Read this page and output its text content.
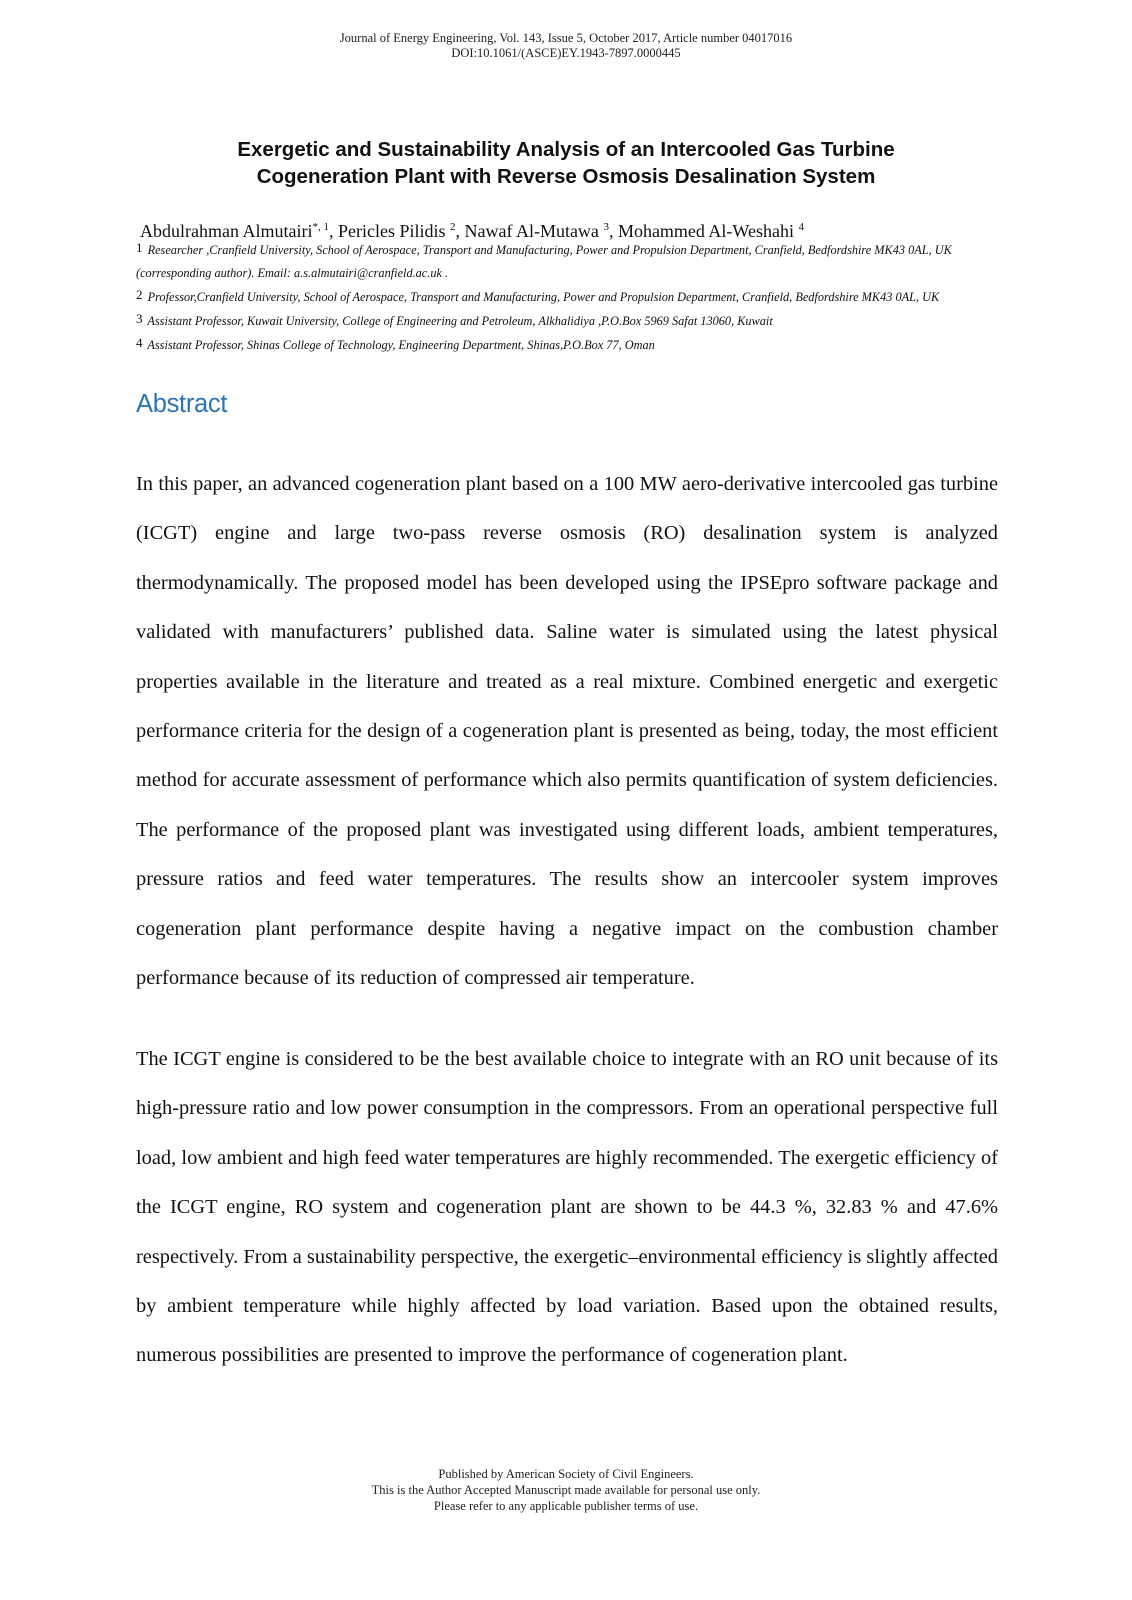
Journal of Energy Engineering, Vol. 143, Issue 5, October 2017, Article number 04017016
DOI:10.1061/(ASCE)EY.1943-7897.0000445
Exergetic and Sustainability Analysis of an Intercooled Gas Turbine
Cogeneration Plant with Reverse Osmosis Desalination System
Abdulrahman Almutairi*, $^1$, Pericles Pilidis $^2$, Nawaf Al-Mutawa $^3$, Mohammed Al-Weshahi $^4$

1 Researcher ,Cranfield University, School of Aerospace, Transport and Manufacturing, Power and Propulsion Department, Cranfield, Bedfordshire MK43 0AL, UK (corresponding author). Email: a.s.almutairi@cranfield.ac.uk .

2 Professor,Cranfield University, School of Aerospace, Transport and Manufacturing, Power and Propulsion Department, Cranfield, Bedfordshire MK43 0AL, UK

3 Assistant Professor, Kuwait University, College of Engineering and Petroleum, Alkhalidiya ,P.O.Box 5969 Safat 13060, Kuwait

4 Assistant Professor, Shinas College of Technology, Engineering Department, Shinas,P.O.Box 77, Oman

Abstract

In this paper, an advanced cogeneration plant based on a 100 MW aero-derivative intercooled gas turbine (ICGT) engine and large two-pass reverse osmosis (RO) desalination system is analyzed thermodynamically. The proposed model has been developed using the IPSEpro software package and validated with manufacturers’ published data. Saline water is simulated using the latest physical properties available in the literature and treated as a real mixture. Combined energetic and exergetic performance criteria for the design of a cogeneration plant is presented as being, today, the most efficient method for accurate assessment of performance which also permits quantification of system deficiencies. The performance of the proposed plant was investigated using different loads, ambient temperatures, pressure ratios and feed water temperatures. The results show an intercooler system improves cogeneration plant performance despite having a negative impact on the combustion chamber performance because of its reduction of compressed air temperature.

The ICGT engine is considered to be the best available choice to integrate with an RO unit because of its high-pressure ratio and low power consumption in the compressors. From an operational perspective full load, low ambient and high feed water temperatures are highly recommended. The exergetic efficiency of the ICGT engine, RO system and cogeneration plant are shown to be 44.3 %, 32.83 % and 47.6% respectively. From a sustainability perspective, the exergetic–environmental efficiency is slightly affected by ambient temperature while highly affected by load variation. Based upon the obtained results, numerous possibilities are presented to improve the performance of cogeneration plant.

Published by American Society of Civil Engineers.
This is the Author Accepted Manuscript made available for personal use only.
Please refer to any applicable publisher terms of use.
